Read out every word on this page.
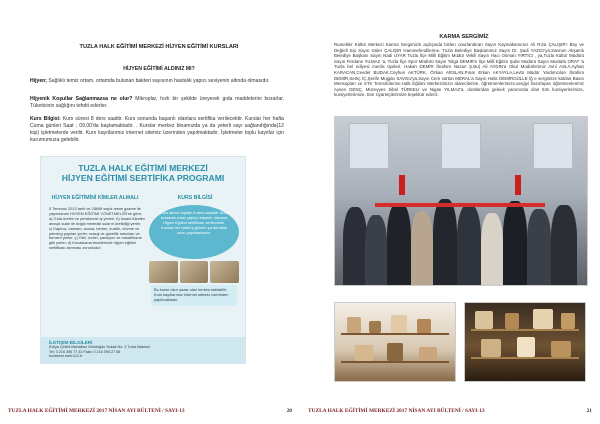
TUZLA HALK EĞİTİMİ MERKEZİ HİJYEN EĞİTİMİ KURSLARI
HİJYEN EĞİTİMİ ALDINIZ MI?

Hijyen; Sağlıklı temiz ortam, ortamda bulunan bakteri sayısının hastalık yapıcı seviyenin altında olmasıdır.

Hijyenik Koşullar Sağlanmazsa ne olur? Mikroplar, hızlı bir şekilde üreyerek gıda maddelerini bozarlar. Tüketicinin sağlığını tehdit ederler.

Kurs Bilgisi: Kurs süresi 8 ders saattir. Kurs sonunda başarılı olanlara sertifika verilecektir. Kurslar her hafta Cuma günleri Saat ; 09.00'da başlamaktadır. . Kurslar merkez binamızda ya da yeterli sayı sağlandığında(12 kişi) işletmelerde verilir. Kurs kayıtlarımız internet sitemiz üzerinden yapılmaktadır. İşletmeler toplu kayıtlar için kurumumuza gelebilir.

TUZLA HALK EĞİTİMİ MERKEZİ
HİJYEN EĞİTİMİ SERTİFİKA PROGRAMI
HİJYEN EĞİTİMİNİ KİMLER ALMALI	KURS BİLGİSİ
5 Temmuz 2013 tarih ve 28698 sayılı resmi gazete ile yayımlanan HİJYEN EĞİTİMİ YÖNETMELİĞİ'ne göre; a) Gıda üretim ve perakende iş yerleri, b) İnsani tüketim amaçlı sular ile doğal mineralli suların üretildiği yerler, c) Kaplıca, hamam, sauna, berber, kuaför, dövme ve piercing yapılan yerler, masaj ve güzellik salonları ve benzeri yerler, ç) Otel, motel, pansiyon ve misafirhane gibi yerler, d) Konaklama tesislerinde hijyen eğitimi sertifikası alınması zorunludur.
Kurs süresi toplam 8 ders saatidir. Kurs sonunda sınav yapılıp başarılı olanlara Hijyen Eğitimi sertifikası verilecektir. Kurslar her hafta iş günleri ya da hafta sonu yapılmaktadır.
Bu kurse okur yazar olan herkes katılabilir. Kurs kayıtlarımız internet sitemiz üzerinden yapılmaktadır.
İLETİŞİM BİLGİLERİ
Evliya Çelebi Mahallesi Gündoğdu Sokak No: 3 Tuzla İstanbul
Tel: 0 216 395 77 43 Faks: 0 216 395 27 58
tuzlahem.meb.k12.tr
TUZLA HALK EĞİTİMİ MERKEZİ 2017 NİSAN AYI BÜLTENİ / SAYI-13	20
KARMA SERGİMİZ

Rumeliler Kültür Merkezi Karma Sergimizin açılışında bizlerı onurlandıran Sayın Kaymakamımız Ali Rıza ÇALIŞIR'ı Bey ve Değerli Eşi Sayın Güler ÇALIŞIR Hanımefendilerine, Tuzla Belediye Başkanımız Sayın Dr. Şadi YAZICI'ya,Sanrum Akşamlı Belediye Başkanı Sayın Nadi UYAR Tuzla İlçe Milli Eğitim Müdür Vekili Sayın Hacı Osman YIRTICI , ya,Tuzla Kültür Müdürü Sayın Ferdane YILMAZ 'a, Tuzla İlçe Spor Müdürü Sayın Tolga DEMİR'e İlçe Milli Eğitim Şube Müdürü Sayın Mustafa ORAT 'a Tuzla bel ediyesi meclis üyeleri, Hakan DEMİR İbrahim Nazan Ş.Bu( Ali AYDIN'a Okul Müdürlerimiz Avni ASLA,Ayhan KARACAN,Cevdet BUDAK,Ceyhun AKTÜRK, Özkan ARSLAN,Pınar Erkan AKYAYLA,Levtü Müdür Yardımcıları İbrahim DEMİR,Serkç İÇ,Şerife Müjgan SAVGU'ya,Sayın Cem sürtün MERAL'a Sayın Halis DEMİRGÜLLE İğ e sergimize katılan Basın Mensupları ve STK Temsilcilerine,Halk Eğitimi Merkezimizin idarecilerine, öğretmenlerimize,sergiyi hazırlayan öğretmenlerimiz Aysen GENÇ, Müzeyyes Sibel TÜRKELİ ve Nigan YILMAZ'a, dostlarıdan geleek yanımızda olan tüm kursiyerlerimize, kursiyerlerimize, tüm ziyaretçilerimize teşekkür ederiz.

TUZLA HALK EĞİTİMİ MERKEZİ 2017 NİSAN AYI BÜLTENİ / SAYI-13	21
